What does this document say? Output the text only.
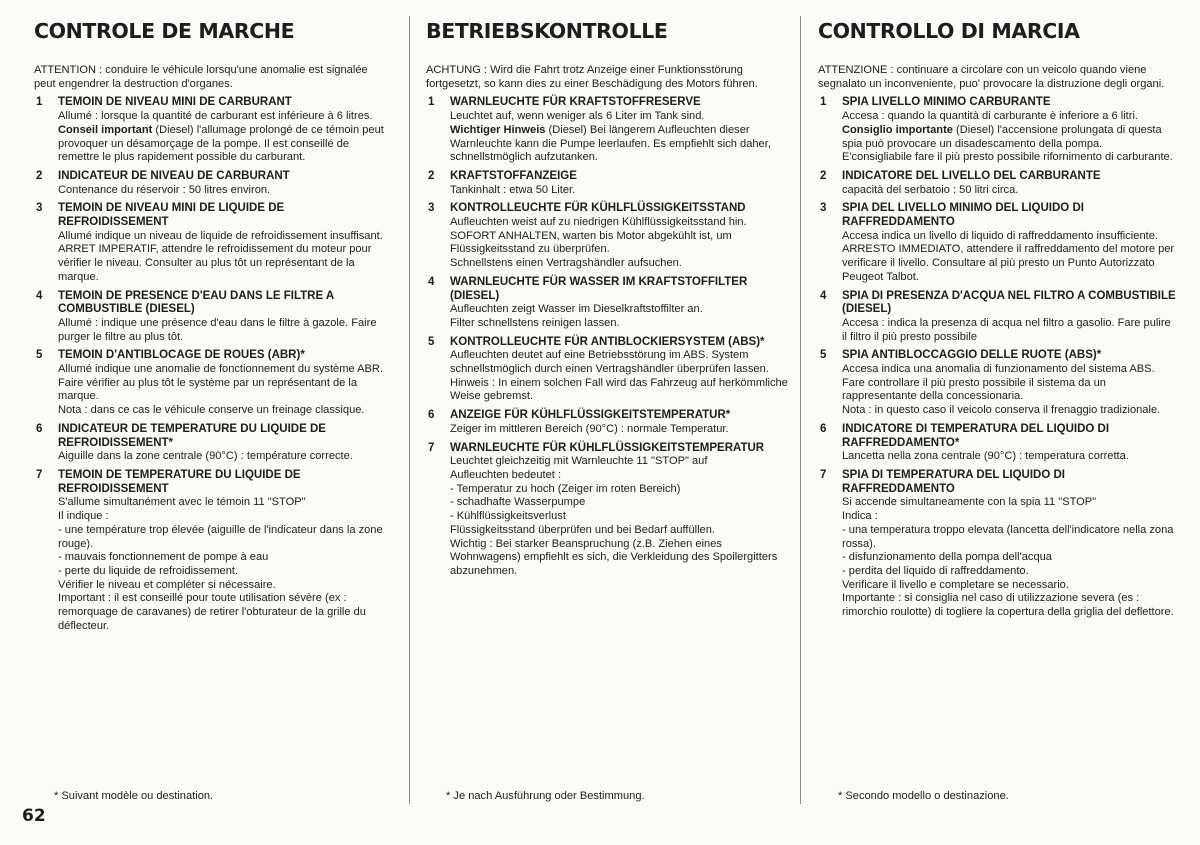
CONTROLE DE MARCHE

ATTENTION : conduire le véhicule lorsqu'une anomalie est signalée peut engendrer la destruction d'organes.

1 TEMOIN DE NIVEAU MINI DE CARBURANT

Allumé : lorsque la quantité de carburant est inférieure à 6 litres.

Conseil important (Diesel) l'allumage prolongé de ce témoin peut provoquer un désamorçage de la pompe. Il est conseillé de remettre le plus rapidement possible du carburant.

2 INDICATEUR DE NIVEAU DE CARBURANT

Contenance du réservoir : 50 litres environ.

3 TEMOIN DE NIVEAU MINI DE LIQUIDE DE REFROIDISSEMENT

Allumé indique un niveau de liquide de refroidissement insuffisant. ARRET IMPERATIF, attendre le refroidissement du moteur pour vérifier le niveau. Consulter au plus tôt un représentant de la marque.

4 TEMOIN DE PRESENCE D'EAU DANS LE FILTRE A COMBUSTIBLE (DIESEL)

Allumé : indique une présence d'eau dans le filtre à gazole. Faire purger le filtre au plus tôt.

5 TEMOIN D'ANTIBLOCAGE DE ROUES (ABR)*

Allumé indique une anomalie de fonctionnement du système ABR. Faire vérifier au plus tôt le système par un représentant de la marque.

Nota : dans ce cas le véhicule conserve un freinage classique.

6 INDICATEUR DE TEMPERATURE DU LIQUIDE DE REFROIDISSEMENT*

Aiguille dans la zone centrale (90°C) : température correcte.

7 TEMOIN DE TEMPERATURE DU LIQUIDE DE REFROIDISSEMENT

S'allume simultanément avec le témoin 11 "STOP"

Il indique :

- une température trop élevée (aiguille de l'indicateur dans la zone rouge).

- mauvais fonctionnement de pompe à eau

- perte du liquide de refroidissement.

Vérifier le niveau et compléter si nécessaire.

Important : il est conseillé pour toute utilisation sévère (ex : remorquage de caravanes) de retirer l'obturateur de la grille du déflecteur.

BETRIEBSKONTROLLE

ACHTUNG : Wird die Fahrt trotz Anzeige einer Funktionsstörung fortgesetzt, so kann dies zu einer Beschädigung des Motors führen.

1 WARNLEUCHTE FÜR KRAFTSTOFFRESERVE

Leuchtet auf, wenn weniger als 6 Liter im Tank sind.

Wichtiger Hinweis (Diesel) Bei längerem Aufleuchten dieser Warnleuchte kann die Pumpe leerlaufen. Es empfiehlt sich daher, schnellstmöglich aufzutanken.

2 KRAFTSTOFFANZEIGE

Tankinhalt : etwa 50 Liter.

3 KONTROLLEUCHTE FÜR KÜHLFLÜSSIGKEITSSTAND

Aufleuchten weist auf zu niedrigen Kühlflüssigkeitsstand hin.

SOFORT ANHALTEN, warten bis Motor abgekühlt ist, um Flüssigkeitsstand zu überprüfen.

Schnellstens einen Vertragshändler aufsuchen.

4 WARNLEUCHTE FÜR WASSER IM KRAFTSTOFFILTER (DIESEL)

Aufleuchten zeigt Wasser im Dieselkraftstoffilter an.

Filter schnellstens reinigen lassen.

5 KONTROLLEUCHTE FÜR ANTIBLOCKIERSYSTEM (ABS)*

Aufleuchten deutet auf eine Betriebsstörung im ABS. System schnellstmöglich durch einen Vertragshändler überprüfen lassen.

Hinweis : In einem solchen Fall wird das Fahrzeug auf herkömmliche Weise gebremst.

6 ANZEIGE FÜR KÜHLFLÜSSIGKEITSTEMPERATUR*

Zeiger im mittleren Bereich (90°C) : normale Temperatur.

7 WARNLEUCHTE FÜR KÜHLFLÜSSIGKEITSTEMPERATUR

Leuchtet gleichzeitig mit Warnleuchte 11 "STOP" auf

Aufleuchten bedeutet :

- Temperatur zu hoch (Zeiger im roten Bereich)

- schadhafte Wasserpumpe

- Kühlflüssigkeitsverlust

Flüssigkeitsstand überprüfen und bei Bedarf auffüllen.

Wichtig : Bei starker Beanspruchung (z.B. Ziehen eines Wohnwagens) empfiehlt es sich, die Verkleidung des Spoilergitters abzunehmen.

CONTROLLO DI MARCIA

ATTENZIONE : continuare a circolare con un veicolo quando viene segnalato un inconveniente, puo' provocare la distruzione degli organi.

1 SPIA LIVELLO MINIMO CARBURANTE

Accesa : quando la quantità di carburante è inferiore a 6 litri.

Consiglio importante (Diesel) l'accensione prolungata di questa spia può provocare un disadescamento della pompa.

E'consigliabile fare il più presto possibile rifornimento di carburante.

2 INDICATORE DEL LIVELLO DEL CARBURANTE

capacità del serbatoio : 50 litri circa.

3 SPIA DEL LIVELLO MINIMO DEL LIQUIDO DI RAFFREDDAMENTO

Accesa indica un livello di liquido di raffreddamento insufficiente. ARRESTO IMMEDIATO, attendere il raffreddamento del motore per verificare il livello. Consultare al più presto un Punto Autorizzato Peugeot Talbot.

4 SPIA DI PRESENZA D'ACQUA NEL FILTRO A COMBUSTIBILE (DIESEL)

Accesa : indica la presenza di acqua nel filtro a gasolio. Fare pulire il filtro il più presto possibile

5 SPIA ANTIBLOCCAGGIO DELLE RUOTE (ABS)*

Accesa indica una anomalia di funzionamento del sistema ABS. Fare controllare il più presto possibile il sistema da un rappresentante della concessionaria.

Nota : in questo caso il veicolo conserva il frenaggio tradizionale.

6 INDICATORE DI TEMPERATURA DEL LIQUIDO DI RAFFREDDAMENTO*

Lancetta nella zona centrale (90°C) : temperatura corretta.

7 SPIA DI TEMPERATURA DEL LIQUIDO DI RAFFREDDAMENTO

Si accende simultaneamente con la spia 11 "STOP"

Indica :

- una temperatura troppo elevata (lancetta dell'indicatore nella zona rossa).

- disfunzionamento della pompa dell'acqua

- perdita del liquido di raffreddamento.

Verificare il livello e completare se necessario.

Importante : si consiglia nel caso di utilizzazione severa (es : rimorchio roulotte) di togliere la copertura della griglia del deflettore.

* Suivant modèle ou destination.	* Je nach Ausführung oder Bestimmung.	* Secondo modello o destinazione.
62
